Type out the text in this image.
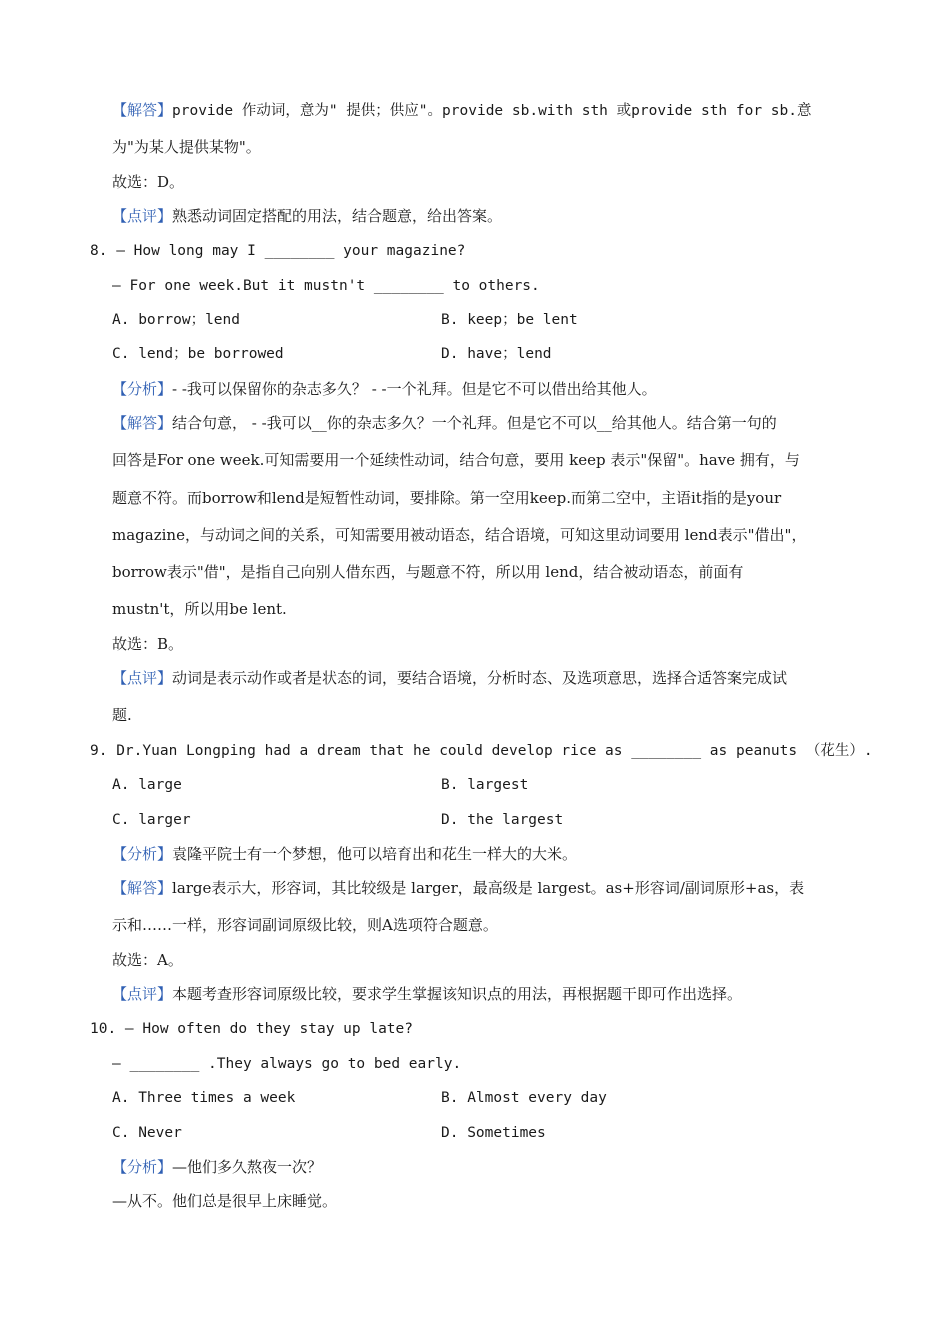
【解答】provide 作动词，意为" 提供；供应"。provide sb.with sth 或provide sth for sb.意
为"为某人提供某物"。
故选：D。
【点评】熟悉动词固定搭配的用法，结合题意，给出答案。
8. — How long may I ________ your magazine?
— For one week.But it mustn't ________ to others.
A. borrow；lend	B. keep；be lent
C. lend；be borrowed	D. have；lend
【分析】- -我可以保留你的杂志多久？ - -一个礼拜。但是它不可以借出给其他人。
【解答】结合句意， - -我可以__你的杂志多久？一个礼拜。但是它不可以__给其他人。结合第一句的
回答是For one week.可知需要用一个延续性动词，结合句意，要用 keep 表示"保留"。have 拥有，与
题意不符。而borrow和lend是短暂性动词，要排除。第一空用keep.而第二空中，主语it指的是your
magazine，与动词之间的关系，可知需要用被动语态，结合语境，可知这里动词要用 lend表示"借出"，
borrow表示"借"，是指自己向别人借东西，与题意不符，所以用 lend，结合被动语态，前面有
mustn't，所以用be lent.
故选：B。
【点评】动词是表示动作或者是状态的词，要结合语境，分析时态、及选项意思，选择合适答案完成试
题.
9. Dr.Yuan Longping had a dream that he could develop rice as ________ as peanuts （花生）.
A. large	B. largest
C. larger	D. the largest
【分析】袁隆平院士有一个梦想，他可以培育出和花生一样大的大米。
【解答】large表示大，形容词，其比较级是 larger，最高级是 largest。as+形容词/副词原形+as，表
示和……一样，形容词副词原级比较，则A选项符合题意。
故选：A。
【点评】本题考查形容词原级比较，要求学生掌握该知识点的用法，再根据题干即可作出选择。
10. — How often do they stay up late?
— ________ .They always go to bed early.
A. Three times a week	B. Almost every day
C. Never	D. Sometimes
【分析】—他们多久熬夜一次？
—从不。他们总是很早上床睡觉。
